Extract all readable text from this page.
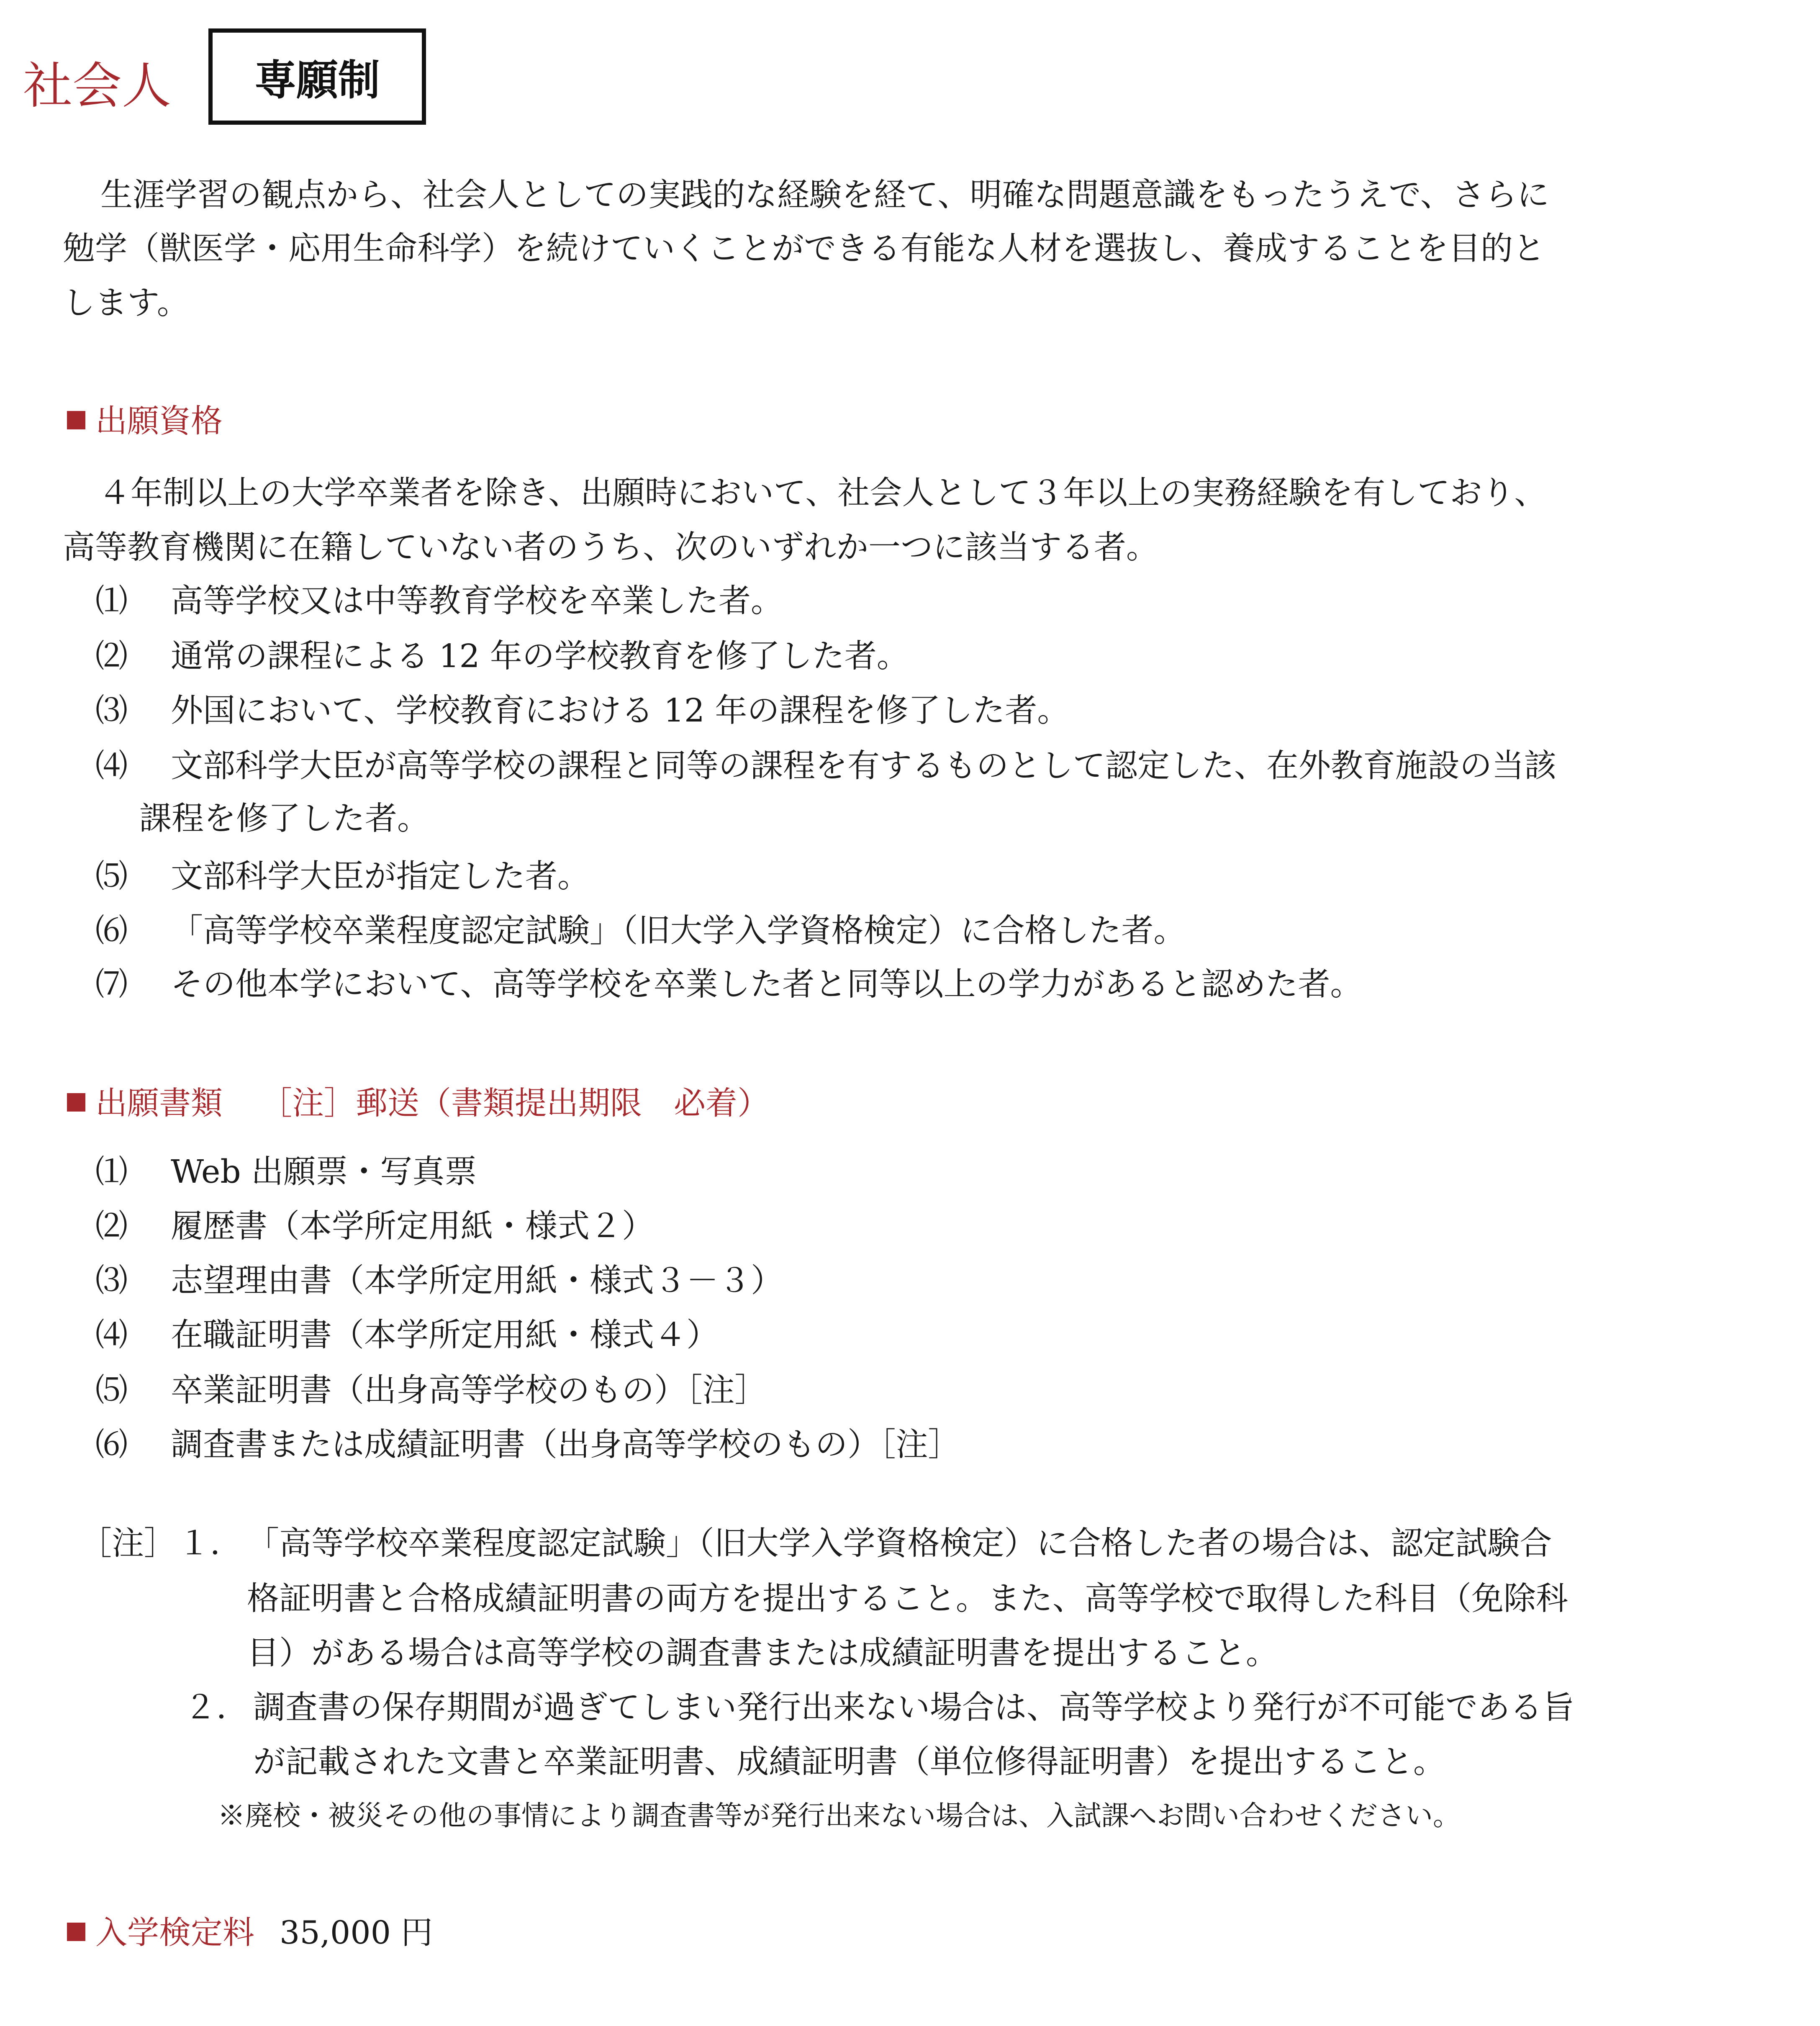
社会人	専願制
生涯学習の観点から、社会人としての実践的な経験を経て、明確な問題意識をもったうえで、さらに
勉学（獣医学・応用生命科学）を続けていくことができる有能な人材を選抜し、養成することを目的と
します。
出願資格
４年制以上の大学卒業者を除き、出願時において、社会人として３年以上の実務経験を有しており、
高等教育機関に在籍していない者のうち、次のいずれか一つに該当する者。
⑴ 高等学校又は中等教育学校を卒業した者。
⑵ 通常の課程による 12 年の学校教育を修了した者。
⑶ 外国において、学校教育における 12 年の課程を修了した者。
⑷ 文部科学大臣が高等学校の課程と同等の課程を有するものとして認定した、在外教育施設の当該
課程を修了した者。
⑸ 文部科学大臣が指定した者。
⑹ 「高等学校卒業程度認定試験」（旧大学入学資格検定）に合格した者。
⑺ その他本学において、高等学校を卒業した者と同等以上の学力があると認めた者。
出願書類 ［注］郵送（書類提出期限　必着）
⑴ Web 出願票・写真票
⑵ 履歴書（本学所定用紙・様式２）
⑶ 志望理由書（本学所定用紙・様式３－３）
⑷ 在職証明書（本学所定用紙・様式４）
⑸ 卒業証明書（出身高等学校のもの）［注］
⑹ 調査書または成績証明書（出身高等学校のもの）［注］
［注］ １． 「高等学校卒業程度認定試験」（旧大学入学資格検定）に合格した者の場合は、認定試験合
格証明書と合格成績証明書の両方を提出すること。また、高等学校で取得した科目（免除科
目）がある場合は高等学校の調査書または成績証明書を提出すること。
２． 調査書の保存期間が過ぎてしまい発行出来ない場合は、高等学校より発行が不可能である旨
が記載された文書と卒業証明書、成績証明書（単位修得証明書）を提出すること。
※廃校・被災その他の事情により調査書等が発行出来ない場合は、入試課へお問い合わせください。
入学検定料 35,000 円
